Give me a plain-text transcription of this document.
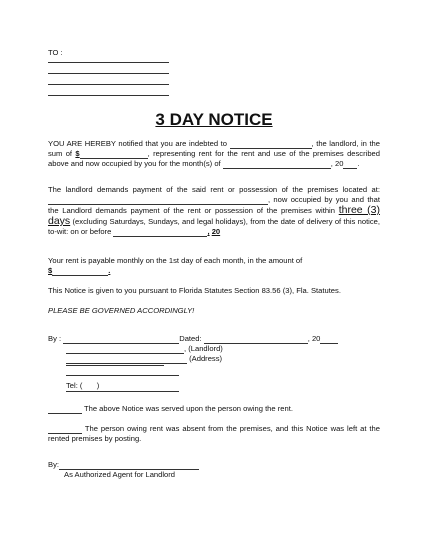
TO :
3 DAY NOTICE
YOU ARE HEREBY notified that you are indebted to	, the landlord, in the sum of $	, representing rent for the rent and use of the premises described above and now occupied by you for the month(s) of	, 20 .
The landlord demands payment of the said rent or possession of the premises located at: , now occupied by you and that the Landlord demands payment of the rent or possession of the premises within three (3) days (excluding Saturdays, Sundays, and legal holidays), from the date of delivery of this notice, to-wit: on or before	, 20
Your rent is payable monthly on the 1st day of each month, in the amount of
$	.
This Notice is given to you pursuant to Florida Statutes Section 83.56 (3), Fla. Statutes.
PLEASE BE GOVERNED ACCORDINGLY!
By :	Dated:	, 20
, (Landlord)
(Address)
Tel: ( )
The above Notice was served upon the person owing the rent.
The person owing rent was absent from the premises, and this Notice was left at the rented premises by posting.
By:
As Authorized Agent for Landlord
